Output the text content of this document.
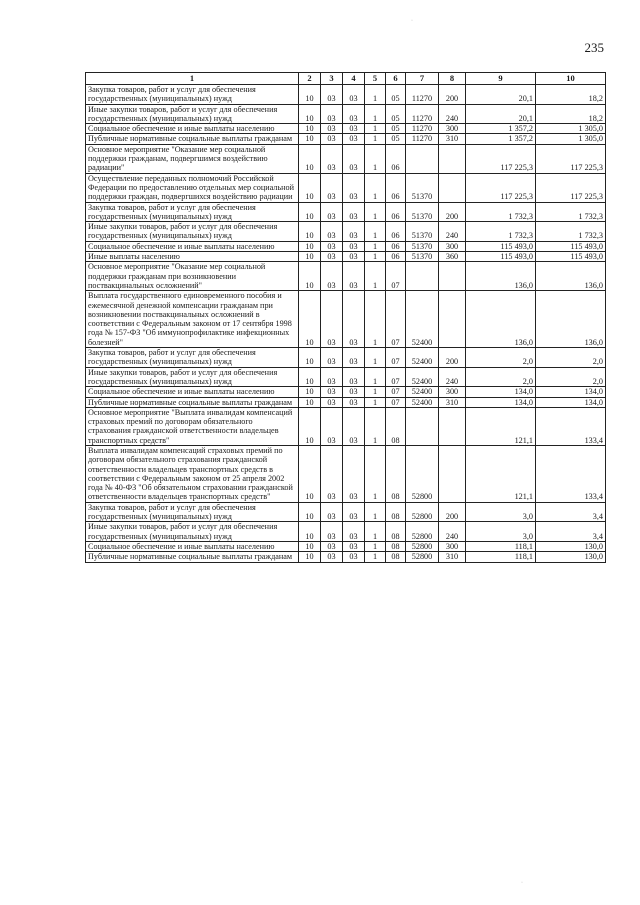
235
·
·
1	2	3	4	5	6	7	8	9	10
Закупка товаров, работ и услуг для обеспечения государственных (муниципальных) нужд	10	03	03	1	05	11270	200	20,1	18,2
Иные закупки товаров, работ и услуг для обеспечения государственных (муниципальных) нужд	10	03	03	1	05	11270	240	20,1	18,2
Социальное обеспечение и иные выплаты населению	10	03	03	1	05	11270	300	1 357,2	1 305,0
Публичные нормативные социальные выплаты гражданам	10	03	03	1	05	11270	310	1 357,2	1 305,0
Основное мероприятие "Оказание мер социальной поддержки гражданам, подвергшимся воздействию радиации"	10	03	03	1	06			117 225,3	117 225,3
Осуществление переданных полномочий Российской Федерации по предоставлению отдельных мер социальной поддержки граждан, подвергшихся воздействию радиации	10	03	03	1	06	51370		117 225,3	117 225,3
Закупка товаров, работ и услуг для обеспечения государственных (муниципальных) нужд	10	03	03	1	06	51370	200	1 732,3	1 732,3
Иные закупки товаров, работ и услуг для обеспечения государственных (муниципальных) нужд	10	03	03	1	06	51370	240	1 732,3	1 732,3
Социальное обеспечение и иные выплаты населению	10	03	03	1	06	51370	300	115 493,0	115 493,0
Иные выплаты населению	10	03	03	1	06	51370	360	115 493,0	115 493,0
Основное мероприятие "Оказание мер социальной поддержки гражданам при возникновении поствакцинальных осложнений"	10	03	03	1	07			136,0	136,0
Выплата государственного единовременного пособия и ежемесячной денежной компенсации гражданам при возникновении поствакцинальных осложнений в соответствии с Федеральным законом от 17 сентября 1998 года № 157-ФЗ "Об иммунопрофилактике инфекционных болезней"	10	03	03	1	07	52400		136,0	136,0
Закупка товаров, работ и услуг для обеспечения государственных (муниципальных) нужд	10	03	03	1	07	52400	200	2,0	2,0
Иные закупки товаров, работ и услуг для обеспечения государственных (муниципальных) нужд	10	03	03	1	07	52400	240	2,0	2,0
Социальное обеспечение и иные выплаты населению	10	03	03	1	07	52400	300	134,0	134,0
Публичные нормативные социальные выплаты гражданам	10	03	03	1	07	52400	310	134,0	134,0
Основное мероприятие "Выплата инвалидам компенсаций страховых премий по договорам обязательного страхования гражданской ответственности владельцев транспортных средств"	10	03	03	1	08			121,1	133,4
Выплата инвалидам компенсаций страховых премий по договорам обязательного страхования гражданской ответственности владельцев транспортных средств в соответствии с Федеральным законом от 25 апреля 2002 года № 40-ФЗ "Об обязательном страховании гражданской ответственности владельцев транспортных средств"	10	03	03	1	08	52800		121,1	133,4
Закупка товаров, работ и услуг для обеспечения государственных (муниципальных) нужд	10	03	03	1	08	52800	200	3,0	3,4
Иные закупки товаров, работ и услуг для обеспечения государственных (муниципальных) нужд	10	03	03	1	08	52800	240	3,0	3,4
Социальное обеспечение и иные выплаты населению	10	03	03	1	08	52800	300	118,1	130,0
Публичные нормативные социальные выплаты гражданам	10	03	03	1	08	52800	310	118,1	130,0
